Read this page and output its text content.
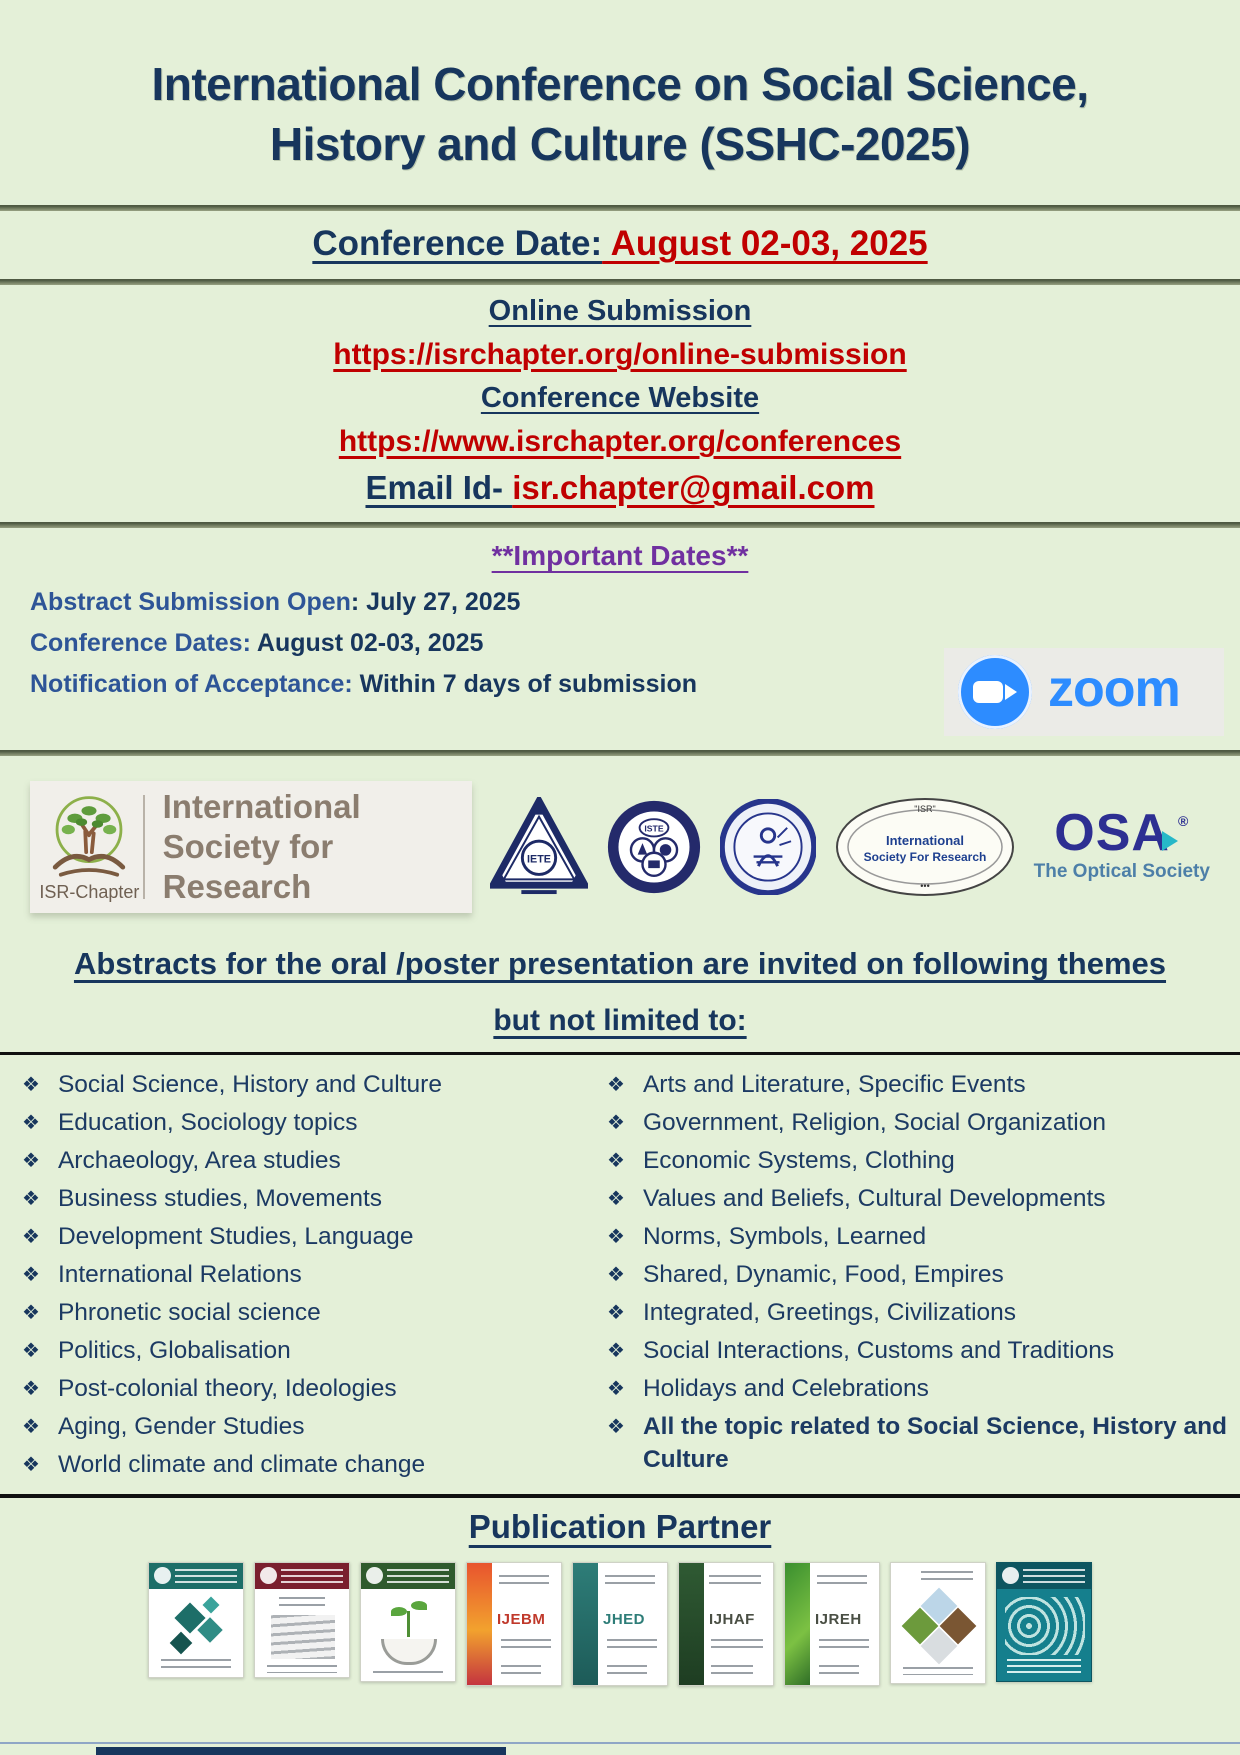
International Conference on Social Science,
History and Culture (SSHC-2025)
Conference Date: August 02-03, 2025
Online Submission
https://isrchapter.org/online-submission
Conference Website
https://www.isrchapter.org/conferences
Email Id- isr.chapter@gmail.com
**Important Dates**
Abstract Submission Open: July 27, 2025
Conference Dates: August 02-03, 2025
Notification of Acceptance: Within 7 days of submission	zoom
ISR-Chapter
International
Society for Research
IETE
ISTE
"ISR"
International
Society For Research
•••
OSA ®
The Optical Society
Abstracts for the oral /poster presentation are invited on following themes
but not limited to:
❖ Social Science, History and Culture
❖ Education, Sociology topics
❖ Archaeology, Area studies
❖ Business studies, Movements
❖ Development Studies, Language
❖ International Relations
❖ Phronetic social science
❖ Politics, Globalisation
❖ Post-colonial theory, Ideologies
❖ Aging, Gender Studies
❖ World climate and climate change
❖ Arts and Literature, Specific Events
❖ Government, Religion, Social Organization
❖ Economic Systems, Clothing
❖ Values and Beliefs, Cultural Developments
❖ Norms, Symbols, Learned
❖ Shared, Dynamic, Food, Empires
❖ Integrated, Greetings, Civilizations
❖ Social Interactions, Customs and Traditions
❖ Holidays and Celebrations
❖ All the topic related to Social Science, History and Culture
Publication Partner
IJEBM	JHED	IJHAF	IJREH
